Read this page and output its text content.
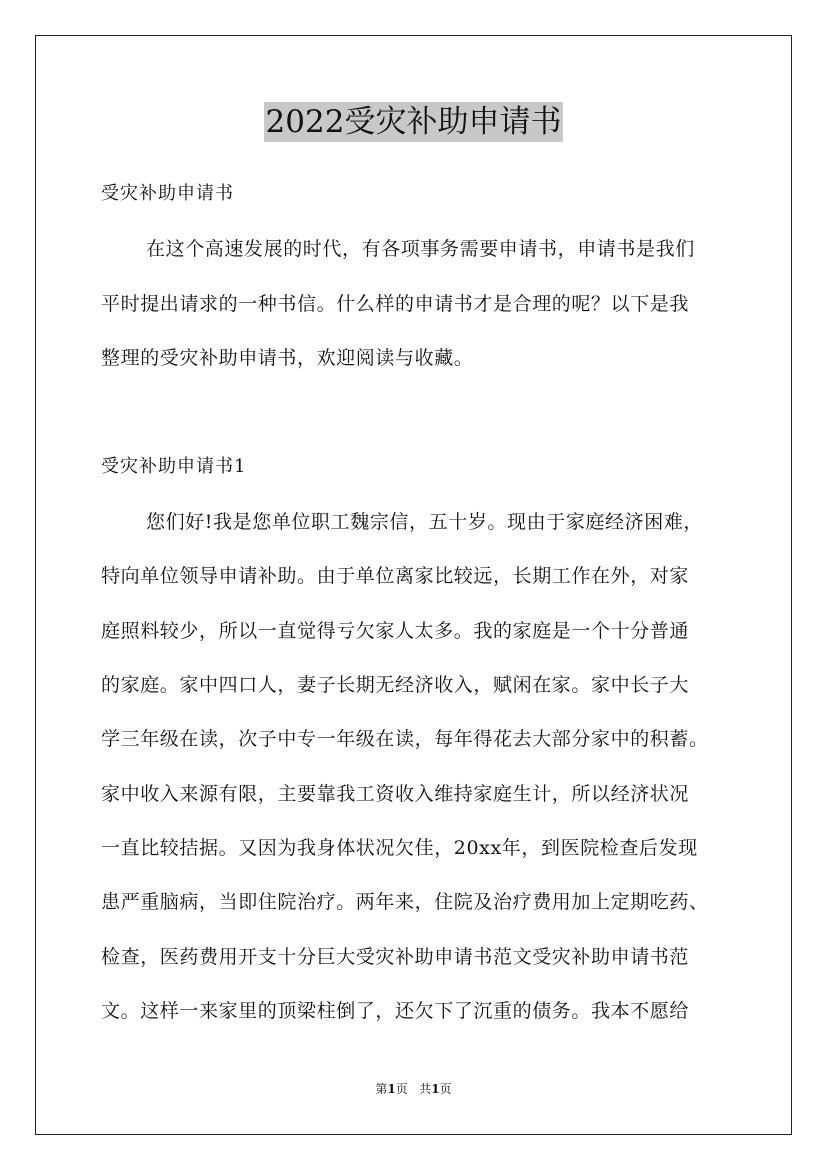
2022受灾补助申请书
受灾补助申请书
在这个高速发展的时代，有各项事务需要申请书，申请书是我们
平时提出请求的一种书信。什么样的申请书才是合理的呢？以下是我
整理的受灾补助申请书，欢迎阅读与收藏。
受灾补助申请书1
您们好!我是您单位职工魏宗信，五十岁。现由于家庭经济困难，
特向单位领导申请补助。由于单位离家比较远，长期工作在外，对家
庭照料较少，所以一直觉得亏欠家人太多。我的家庭是一个十分普通
的家庭。家中四口人，妻子长期无经济收入，赋闲在家。家中长子大
学三年级在读，次子中专一年级在读，每年得花去大部分家中的积蓄。
家中收入来源有限，主要靠我工资收入维持家庭生计，所以经济状况
一直比较拮据。又因为我身体状况欠佳，20xx年，到医院检查后发现
患严重脑病，当即住院治疗。两年来，住院及治疗费用加上定期吃药、
检查，医药费用开支十分巨大受灾补助申请书范文受灾补助申请书范
文。这样一来家里的顶梁柱倒了，还欠下了沉重的债务。我本不愿给
第1页 共1页
